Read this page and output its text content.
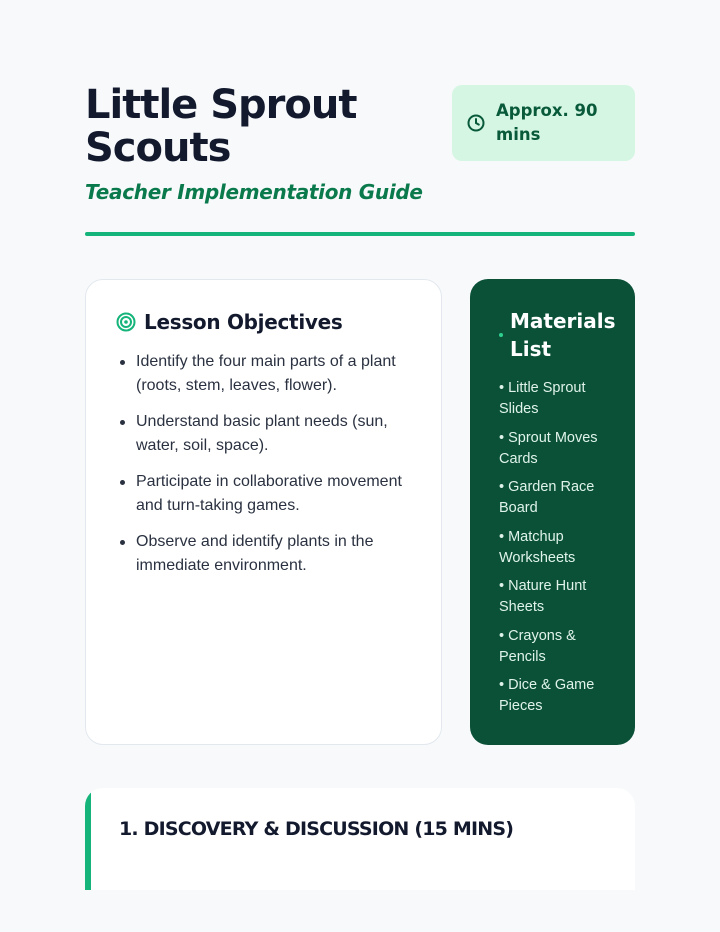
Little Sprout Scouts
Teacher Implementation Guide
Approx. 90 mins
Lesson Objectives
Identify the four main parts of a plant (roots, stem, leaves, flower).
Understand basic plant needs (sun, water, soil, space).
Participate in collaborative movement and turn-taking games.
Observe and identify plants in the immediate environment.
Materials List
• Little Sprout Slides
• Sprout Moves Cards
• Garden Race Board
• Matchup Worksheets
• Nature Hunt Sheets
• Crayons & Pencils
• Dice & Game Pieces
1. DISCOVERY & DISCUSSION (15 MINS)
